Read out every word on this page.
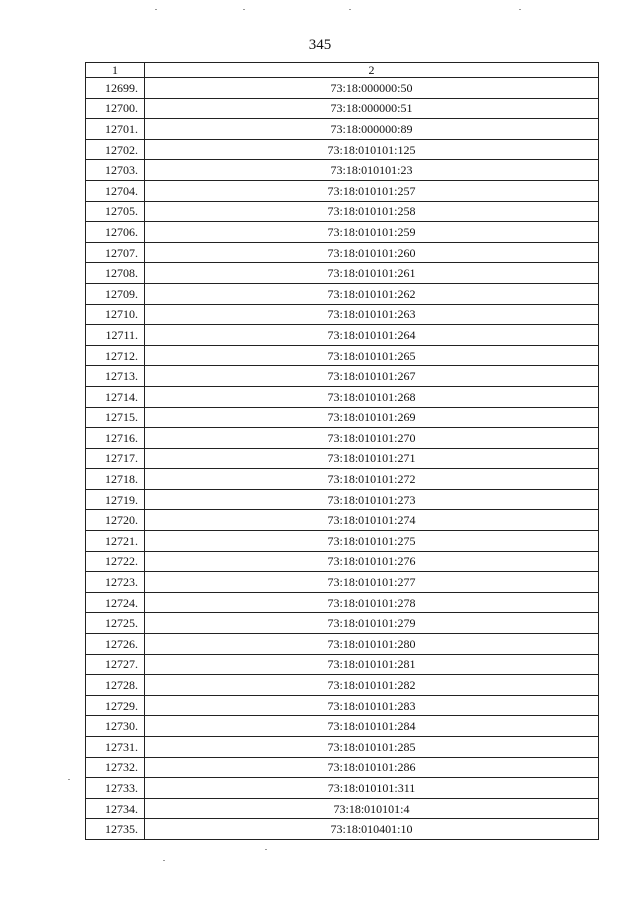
345
1	2
12699.	73:18:000000:50
12700.	73:18:000000:51
12701.	73:18:000000:89
12702.	73:18:010101:125
12703.	73:18:010101:23
12704.	73:18:010101:257
12705.	73:18:010101:258
12706.	73:18:010101:259
12707.	73:18:010101:260
12708.	73:18:010101:261
12709.	73:18:010101:262
12710.	73:18:010101:263
12711.	73:18:010101:264
12712.	73:18:010101:265
12713.	73:18:010101:267
12714.	73:18:010101:268
12715.	73:18:010101:269
12716.	73:18:010101:270
12717.	73:18:010101:271
12718.	73:18:010101:272
12719.	73:18:010101:273
12720.	73:18:010101:274
12721.	73:18:010101:275
12722.	73:18:010101:276
12723.	73:18:010101:277
12724.	73:18:010101:278
12725.	73:18:010101:279
12726.	73:18:010101:280
12727.	73:18:010101:281
12728.	73:18:010101:282
12729.	73:18:010101:283
12730.	73:18:010101:284
12731.	73:18:010101:285
12732.	73:18:010101:286
12733.	73:18:010101:311
12734.	73:18:010101:4
12735.	73:18:010401:10
